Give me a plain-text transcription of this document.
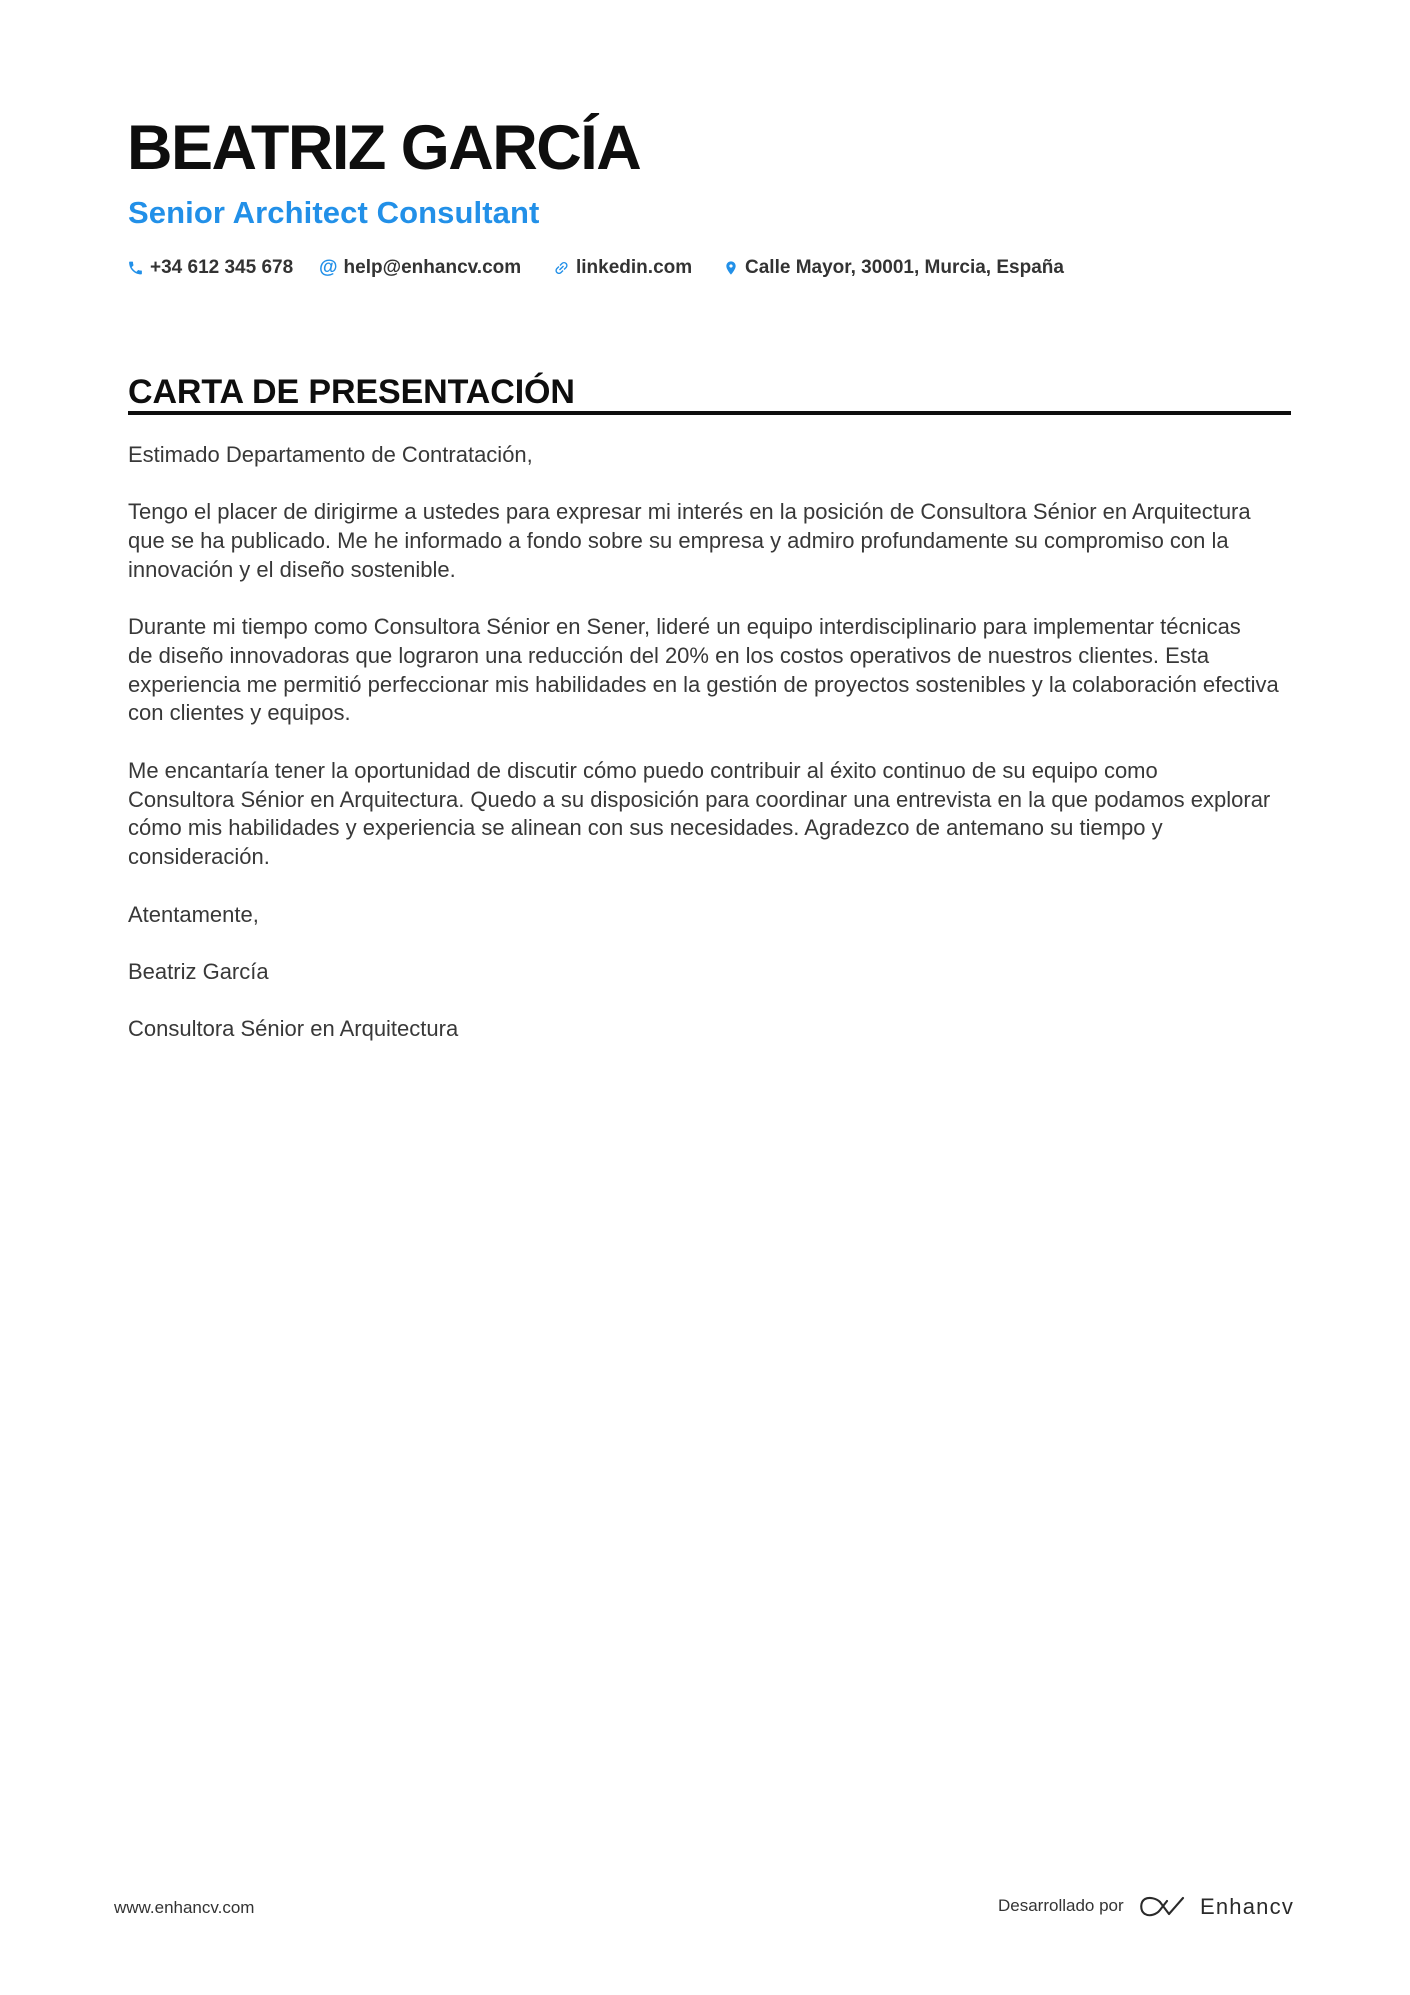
BEATRIZ GARCÍA
Senior Architect Consultant
+34 612 345 678
@	help@enhancv.com	linkedin.com	Calle Mayor, 30001, Murcia, España
CARTA DE PRESENTACIÓN

Estimado Departamento de Contratación,

Tengo el placer de dirigirme a ustedes para expresar mi interés en la posición de Consultora Sénior en Arquitectura
que se ha publicado. Me he informado a fondo sobre su empresa y admiro profundamente su compromiso con la
innovación y el diseño sostenible.

Durante mi tiempo como Consultora Sénior en Sener, lideré un equipo interdisciplinario para implementar técnicas
de diseño innovadoras que lograron una reducción del 20% en los costos operativos de nuestros clientes. Esta
experiencia me permitió perfeccionar mis habilidades en la gestión de proyectos sostenibles y la colaboración efectiva
con clientes y equipos.

Me encantaría tener la oportunidad de discutir cómo puedo contribuir al éxito continuo de su equipo como
Consultora Sénior en Arquitectura. Quedo a su disposición para coordinar una entrevista en la que podamos explorar
cómo mis habilidades y experiencia se alinean con sus necesidades. Agradezco de antemano su tiempo y
consideración.

Atentamente,

Beatriz García

Consultora Sénior en Arquitectura

www.enhancv.com	Desarrollado por	Enhancv
